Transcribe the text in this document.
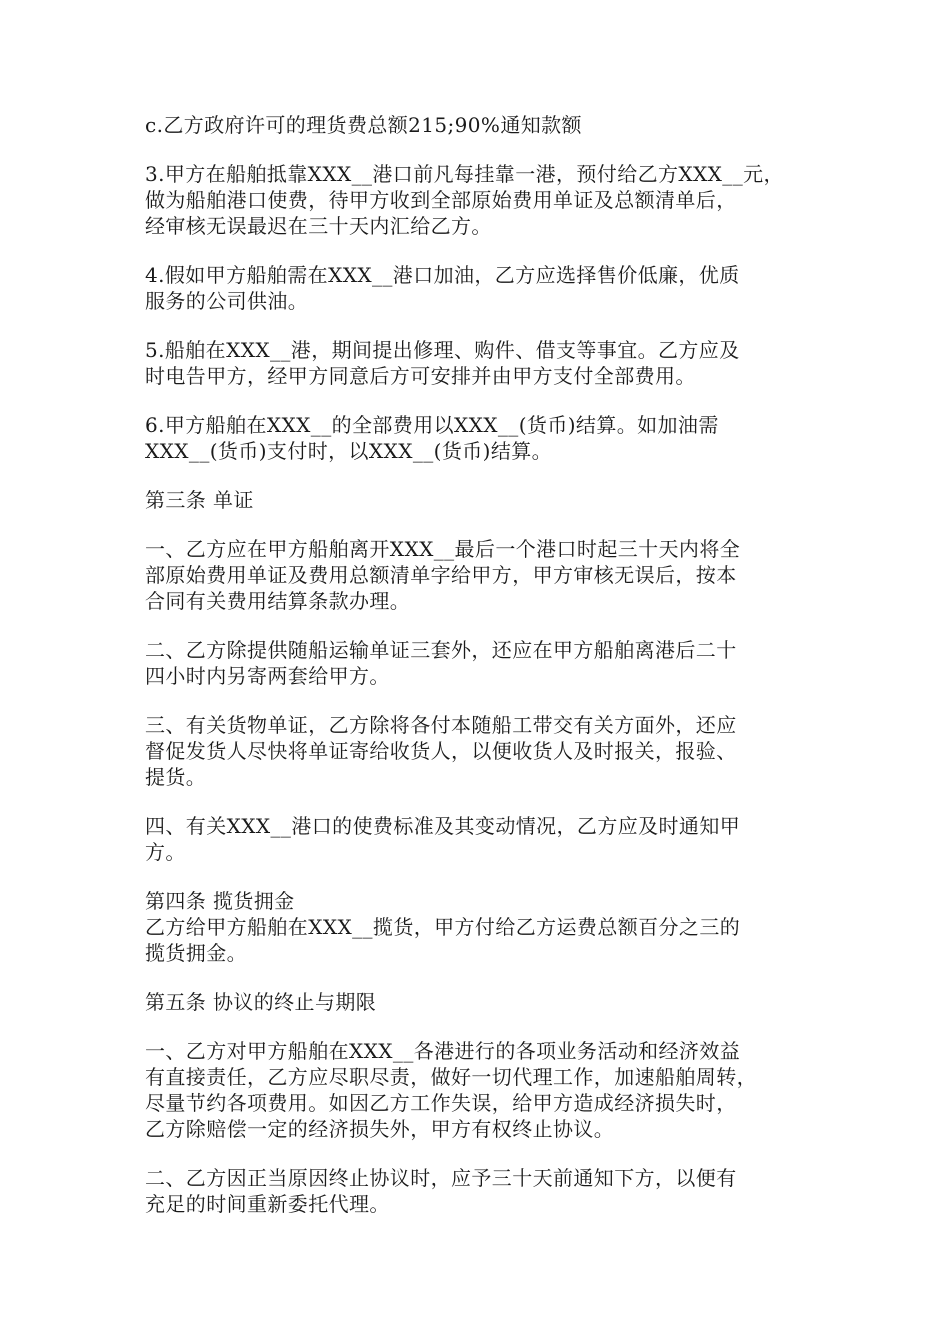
c.乙方政府许可的理货费总额215;90%通知款额
3.甲方在船舶抵靠XXX__港口前凡每挂靠一港，预付给乙方XXX__元，
做为船舶港口使费，待甲方收到全部原始费用单证及总额清单后，
经审核无误最迟在三十天内汇给乙方。
4.假如甲方船舶需在XXX__港口加油，乙方应选择售价低廉，优质
服务的公司供油。
5.船舶在XXX__港，期间提出修理、购件、借支等事宜。乙方应及
时电告甲方，经甲方同意后方可安排并由甲方支付全部费用。
6.甲方船舶在XXX__的全部费用以XXX__(货币)结算。如加油需
XXX__(货币)支付时，以XXX__(货币)结算。
第三条 单证
一、乙方应在甲方船舶离开XXX__最后一个港口时起三十天内将全
部原始费用单证及费用总额清单字给甲方，甲方审核无误后，按本
合同有关费用结算条款办理。
二、乙方除提供随船运输单证三套外，还应在甲方船舶离港后二十
四小时内另寄两套给甲方。
三、有关货物单证，乙方除将各付本随船工带交有关方面外，还应
督促发货人尽快将单证寄给收货人，以便收货人及时报关，报验、
提货。
四、有关XXX__港口的使费标准及其变动情况，乙方应及时通知甲
方。
第四条 揽货拥金
乙方给甲方船舶在XXX__揽货，甲方付给乙方运费总额百分之三的
揽货拥金。
第五条 协议的终止与期限
一、乙方对甲方船舶在XXX__各港进行的各项业务活动和经济效益
有直接责任，乙方应尽职尽责，做好一切代理工作，加速船舶周转，
尽量节约各项费用。如因乙方工作失误，给甲方造成经济损失时，
乙方除赔偿一定的经济损失外，甲方有权终止协议。
二、乙方因正当原因终止协议时，应予三十天前通知下方，以便有
充足的时间重新委托代理。
